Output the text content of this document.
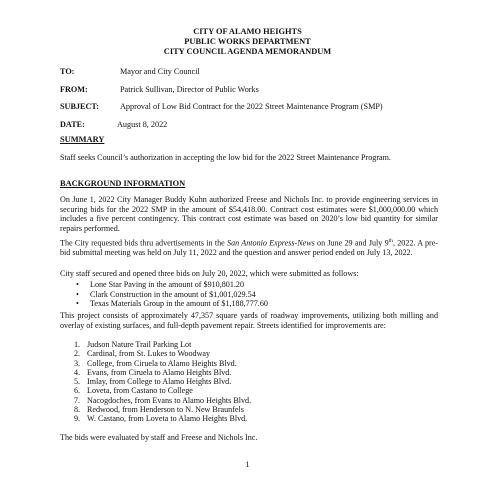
CITY OF ALAMO HEIGHTS
PUBLIC WORKS DEPARTMENT
CITY COUNCIL AGENDA MEMORANDUM
TO:	Mayor and City Council
FROM:	Patrick Sullivan, Director of Public Works
SUBJECT:	Approval of Low Bid Contract for the 2022 Street Maintenance Program (SMP)
DATE:	August 8, 2022
SUMMARY
Staff seeks Council’s authorization in accepting the low bid for the 2022 Street Maintenance Program.
BACKGROUND INFORMATION
On June 1, 2022 City Manager Buddy Kuhn authorized Freese and Nichols Inc. to provide engineering services in securing bids for the 2022 SMP in the amount of $54,418.00. Contract cost estimates were $1,000,000.00 which includes a five percent contingency. This contract cost estimate was based on 2020’s low bid quantity for similar repairs performed.
The City requested bids thru advertisements in the San Antonio Express-News on June 29 and July 9th, 2022. A pre-bid submittal meeting was held on July 11, 2022 and the question and answer period ended on July 13, 2022.
City staff secured and opened three bids on July 20, 2022, which were submitted as follows:
• Lone Star Paving in the amount of $910,801.20
• Clark Construction in the amount of $1,001,029.54
• Texas Materials Group in the amount of $1,188,777.60
This project consists of approximately 47,357 square yards of roadway improvements, utilizing both milling and overlay of existing surfaces, and full-depth pavement repair. Streets identified for improvements are:
1. Judson Nature Trail Parking Lot
2. Cardinal, from St. Lukes to Woodway
3. College, from Ciruela to Alamo Heights Blvd.
4. Evans, from Ciruela to Alamo Heights Blvd.
5. Imlay, from College to Alamo Heights Blvd.
6. Loveta, from Castano to College
7. Nacogdoches, from Evans to Alamo Heights Blvd.
8. Redwood, from Henderson to N. New Braunfels
9. W. Castano, from Loveta to Alamo Heights Blvd.
The bids were evaluated by staff and Freese and Nichols Inc.
1
